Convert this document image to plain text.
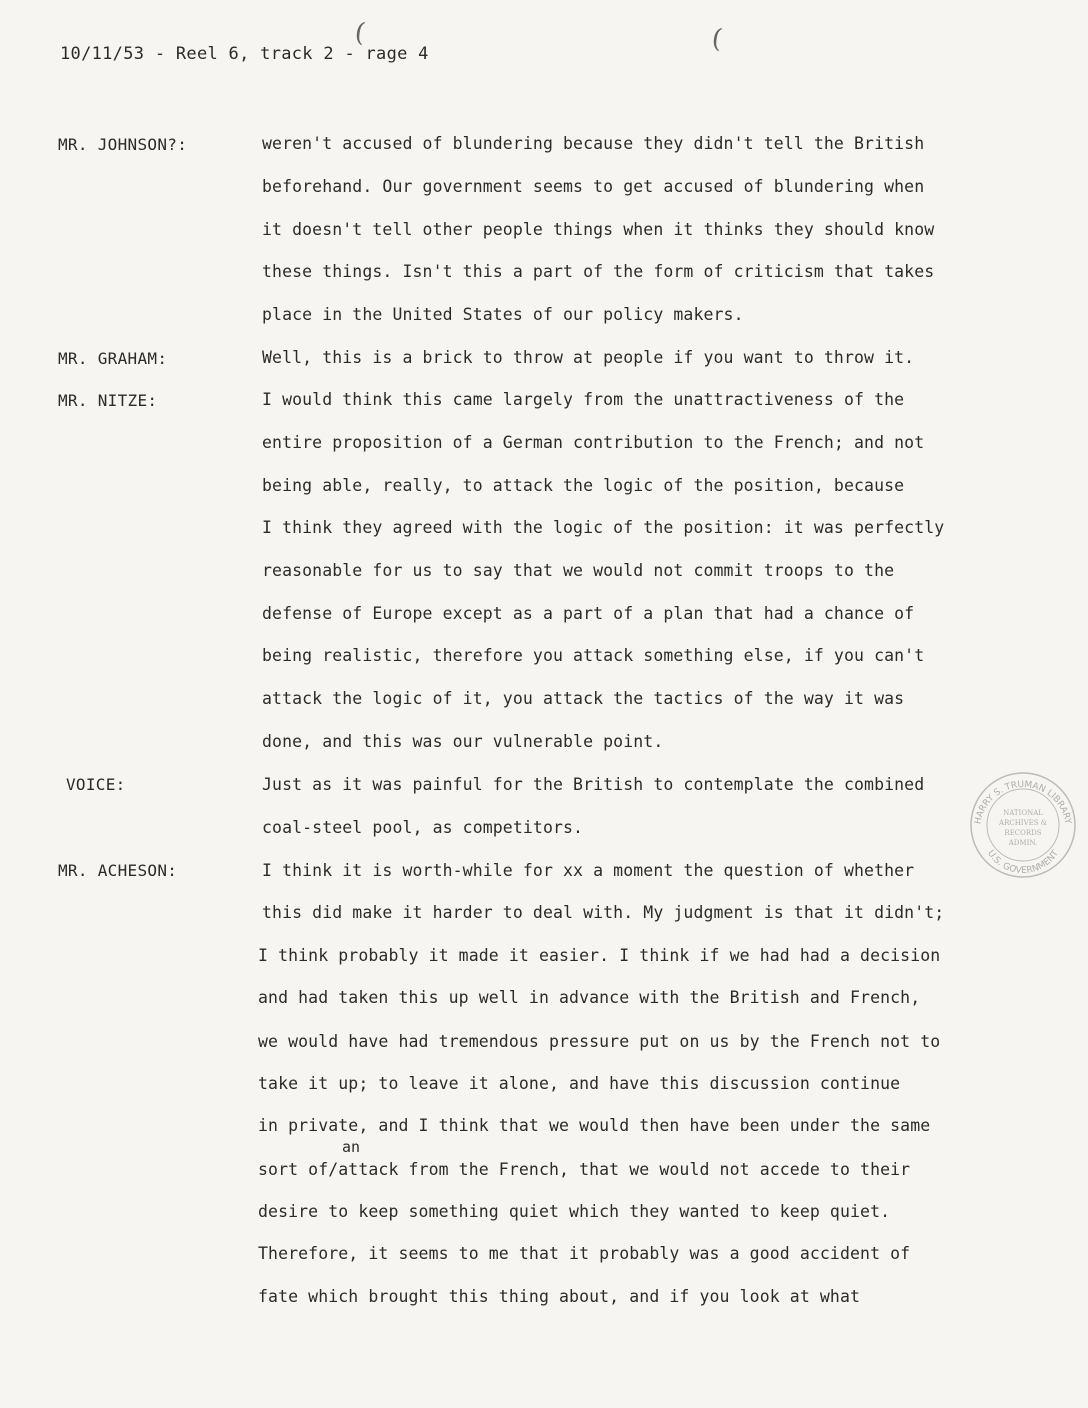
10/11/53 - Reel 6, track 2 - rage 4
(	(
MR. JOHNSON?:
MR. GRAHAM:
MR. NITZE:
VOICE:
MR. ACHESON:
weren't accused of blundering because they didn't tell the British
beforehand. Our government seems to get accused of blundering when
it doesn't tell other people things when it thinks they should know
these things. Isn't this a part of the form of criticism that takes
place in the United States of our policy makers.
Well, this is a brick to throw at people if you want to throw it.
I would think this came largely from the unattractiveness of the
entire proposition of a German contribution to the French; and not
being able, really, to attack the logic of the position, because
I think they agreed with the logic of the position: it was perfectly
reasonable for us to say that we would not commit troops to the
defense of Europe except as a part of a plan that had a chance of
being realistic, therefore you attack something else, if you can't
attack the logic of it, you attack the tactics of the way it was
done, and this was our vulnerable point.
Just as it was painful for the British to contemplate the combined
coal-steel pool, as competitors.
I think it is worth-while for xx a moment the question of whether
this did make it harder to deal with. My judgment is that it didn't;
I think probably it made it easier. I think if we had had a decision
and had taken this up well in advance with the British and French,
we would have had tremendous pressure put on us by the French not to
take it up; to leave it alone, and have this discussion continue
in private, and I think that we would then have been under the same
an
sort of/attack from the French, that we would not accede to their
desire to keep something quiet which they wanted to keep quiet.
Therefore, it seems to me that it probably was a good accident of
fate which brought this thing about, and if you look at what
HARRY S. TRUMAN LIBRARY
U.S. GOVERNMENT
NATIONAL
ARCHIVES &
RECORDS
ADMIN.
